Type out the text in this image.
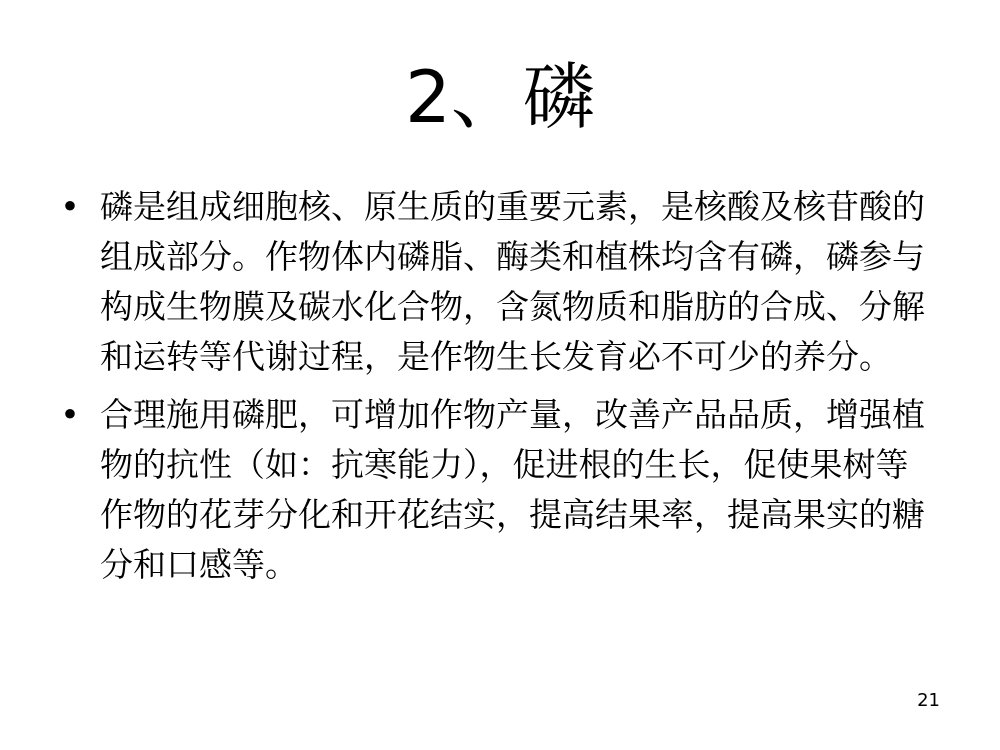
2、磷
• 磷是组成细胞核、原生质的重要元素，是核酸及核苷酸的组成部分。作物体内磷脂、酶类和植株均含有磷，磷参与构成生物膜及碳水化合物，含氮物质和脂肪的合成、分解和运转等代谢过程，是作物生长发育必不可少的养分。
• 合理施用磷肥，可增加作物产量，改善产品品质，增强植物的抗性（如：抗寒能力），促进根的生长，促使果树等作物的花芽分化和开花结实，提高结果率，提高果实的糖分和口感等。
21
